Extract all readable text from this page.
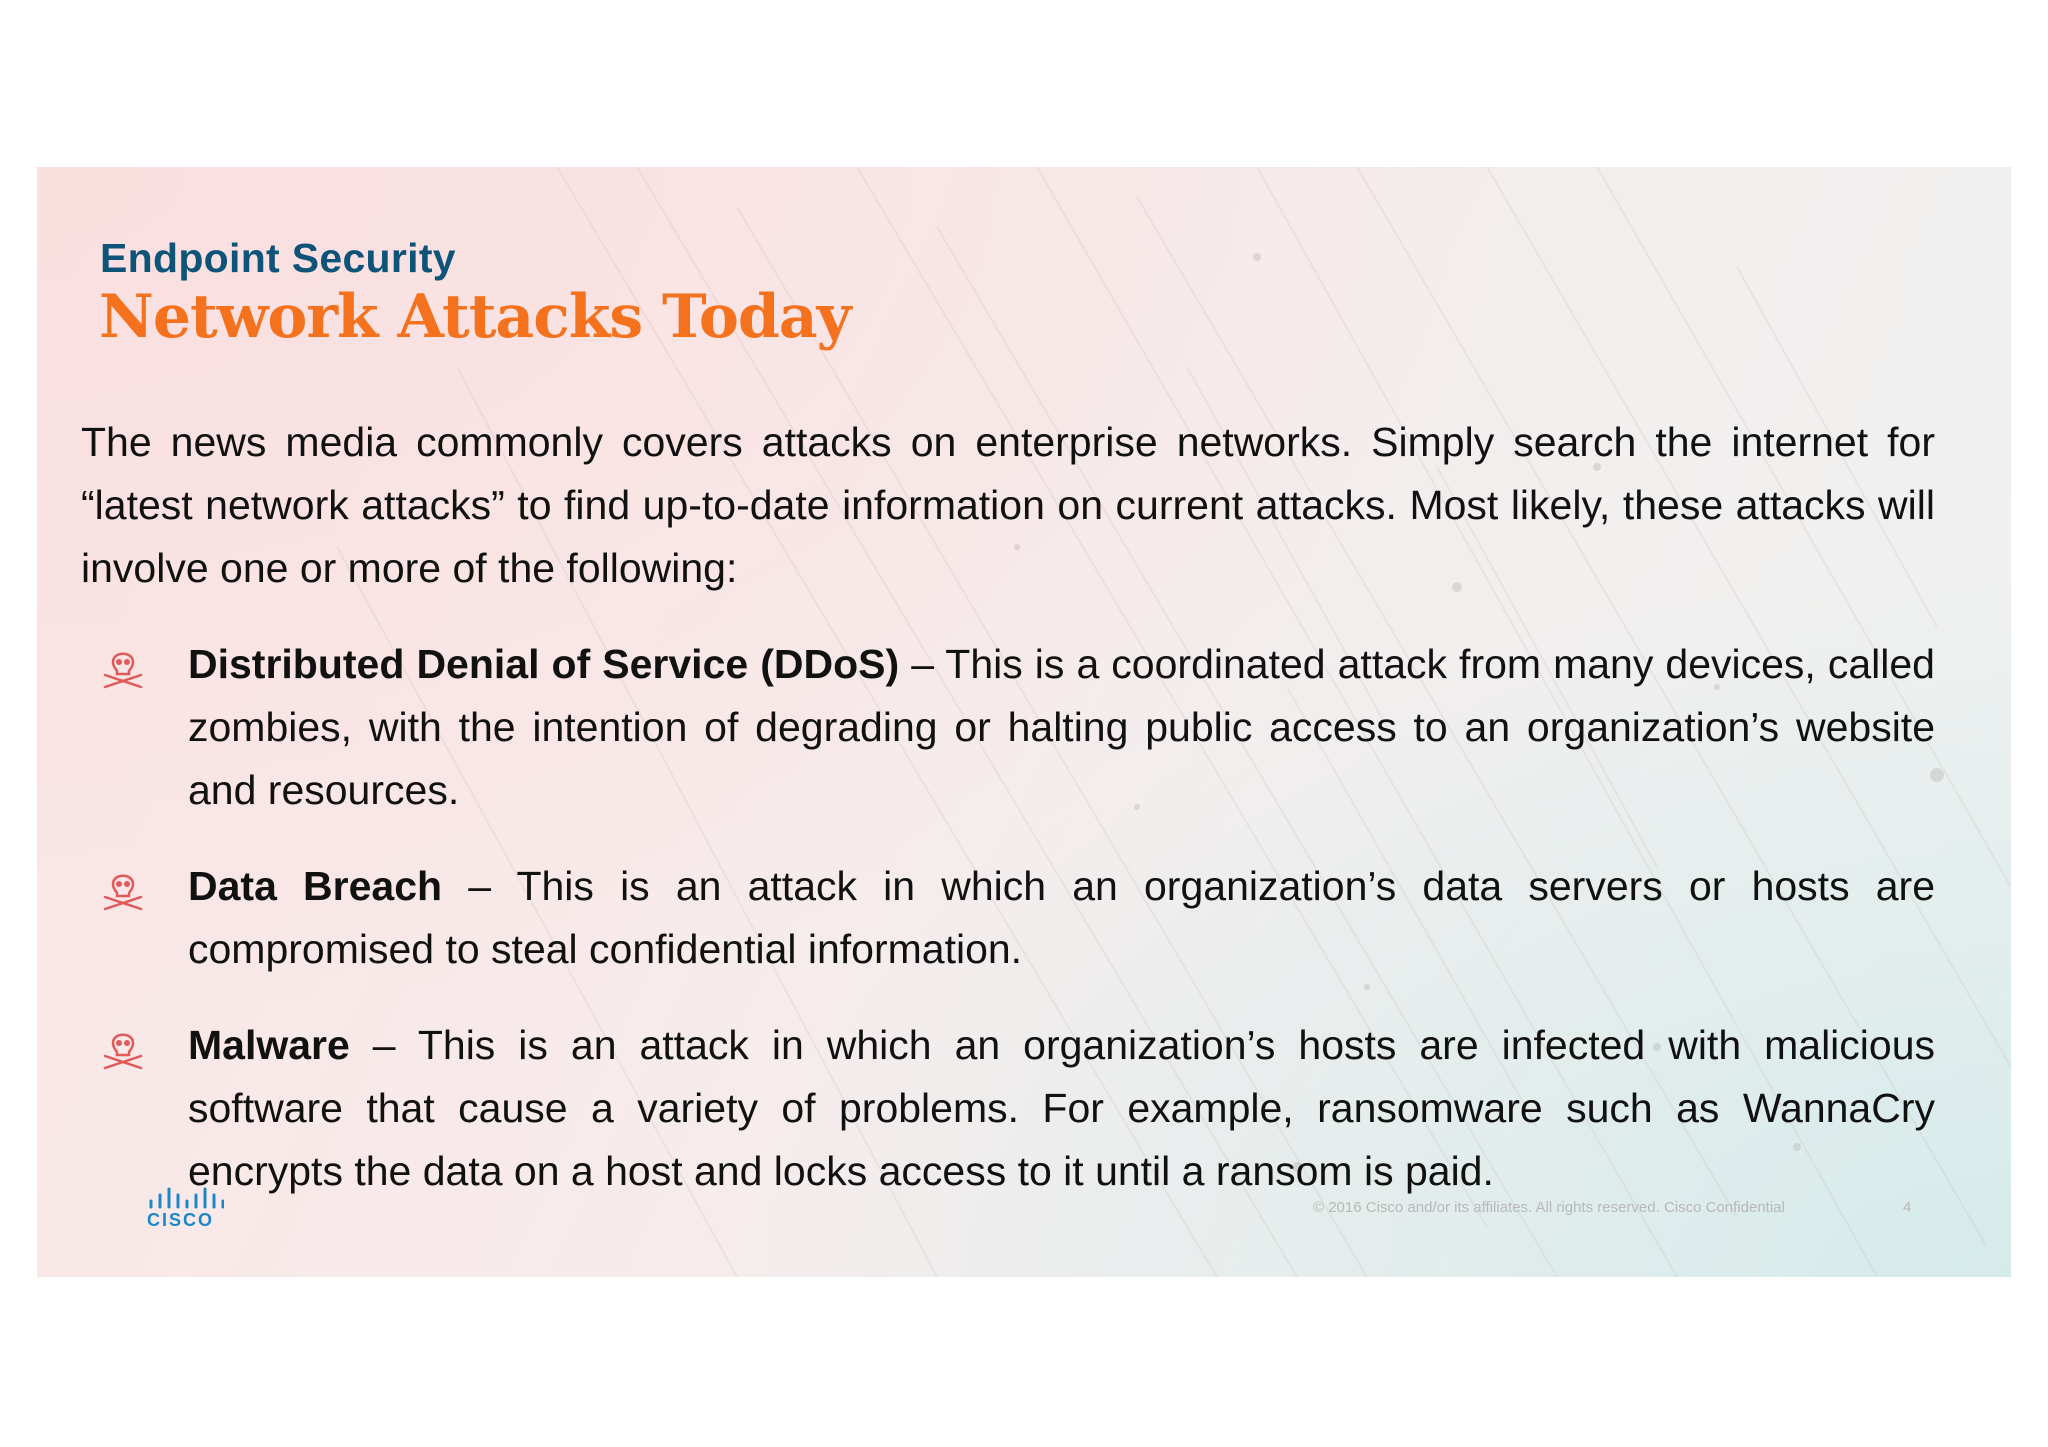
Endpoint Security
Network Attacks Today

The news media commonly covers attacks on enterprise networks. Simply search the internet for “latest network attacks” to find up-to-date information on current attacks. Most likely, these attacks will involve one or more of the following:

Distributed Denial of Service (DDoS) – This is a coordinated attack from many devices, called zombies, with the intention of degrading or halting public access to an organization’s website and resources.

Data Breach – This is an attack in which an organization’s data servers or hosts are compromised to steal confidential information.

Malware – This is an attack in which an organization’s hosts are infected with malicious software that cause a variety of problems. For example, ransomware such as WannaCry encrypts the data on a host and locks access to it until a ransom is paid.

CISCO
© 2016 Cisco and/or its affiliates. All rights reserved. Cisco Confidential	4
